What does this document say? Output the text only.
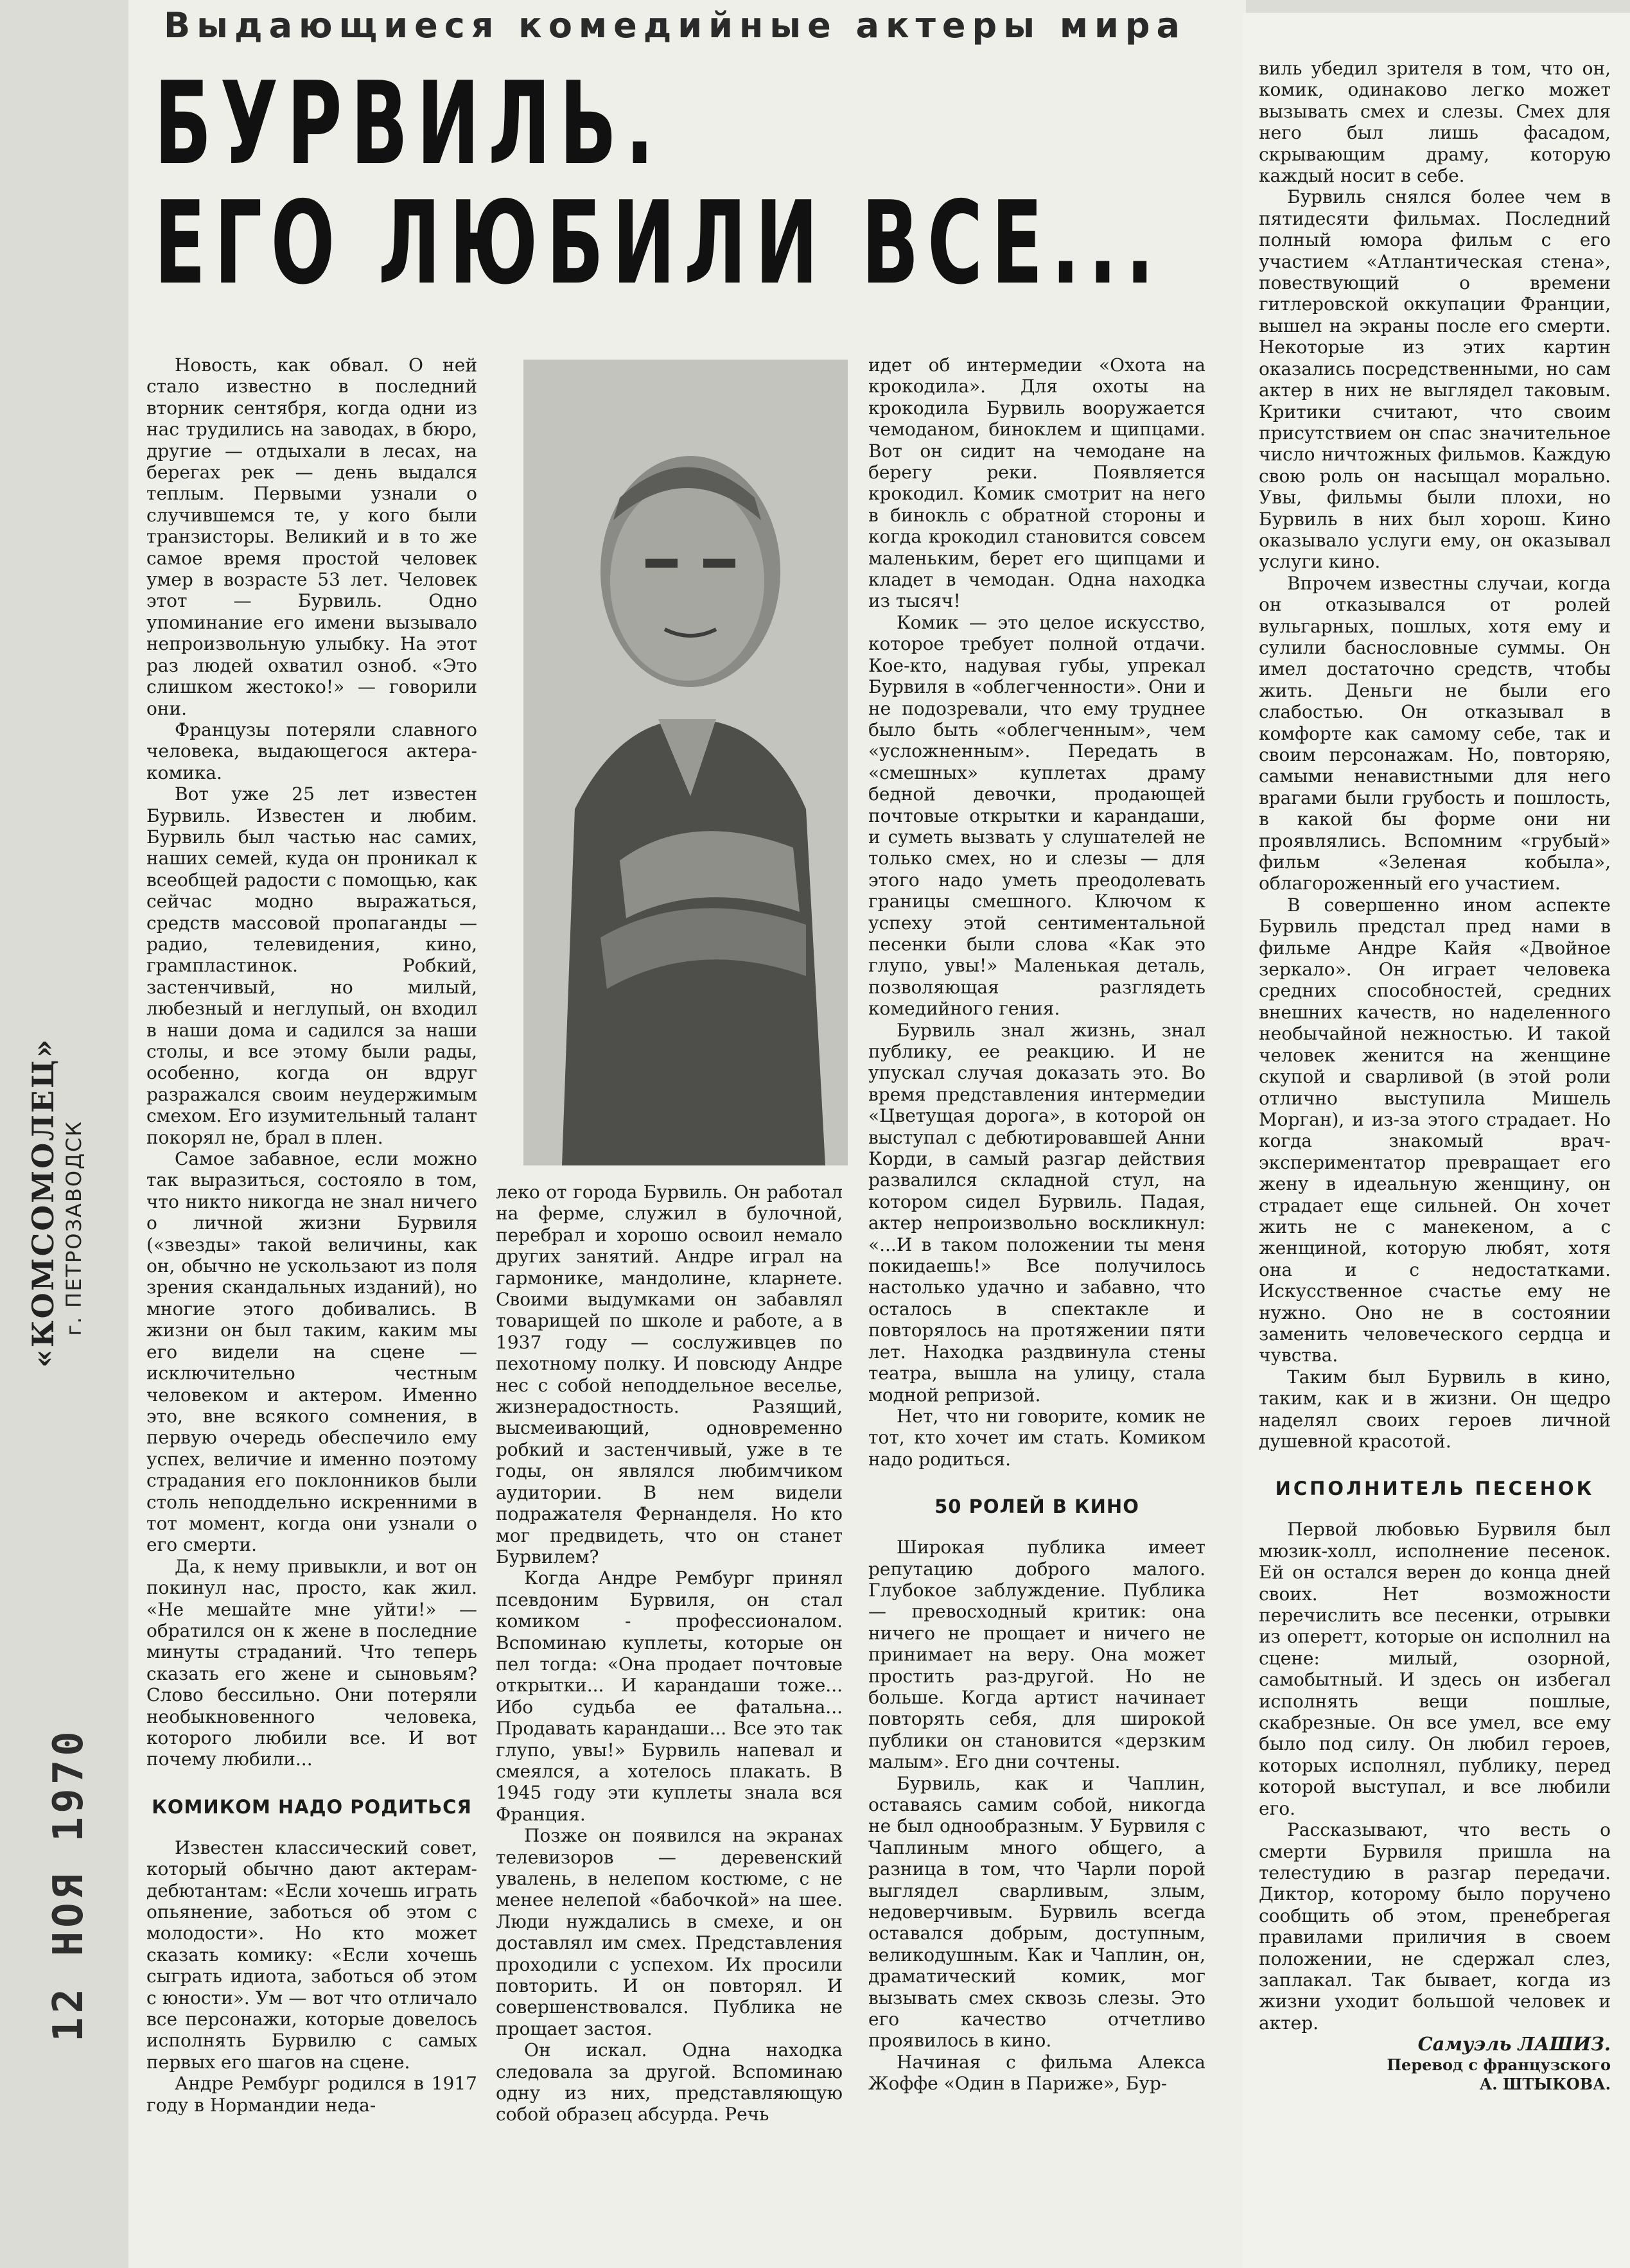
Выдающиеся комедийные актеры мира
БУРВИЛЬ.
ЕГО ЛЮБИЛИ ВСЕ...
«КОМСОМОЛЕЦ» г. ПЕТРОЗАВОДСК
12 НОЯ 1970

Новость, как обвал. О ней стало известно в последний вторник сентября, когда одни из нас трудились на заводах, в бюро, другие — отдыхали в лесах, на берегах рек — день выдался теплым. Первыми узнали о случившемся те, у кого были транзисторы. Великий и в то же самое время простой человек умер в возрасте 53 лет. Человек этот — Бурвиль. Одно упоминание его имени вызывало непроизвольную улыбку. На этот раз людей охватил озноб. «Это слишком жестоко!» — говорили они.

Французы потеряли славного человека, выдающегося актера-комика.

Вот уже 25 лет известен Бурвиль. Известен и любим. Бурвиль был частью нас самих, наших семей, куда он проникал к всеобщей радости с помощью, как сейчас модно выражаться, средств массовой пропаганды — радио, телевидения, кино, грампластинок. Робкий, застенчивый, но милый, любезный и неглупый, он входил в наши дома и садился за наши столы, и все этому были рады, особенно, когда он вдруг разражался своим неудержимым смехом. Его изумительный талант покорял не, брал в плен.

Самое забавное, если можно так выразиться, состояло в том, что никто никогда не знал ничего о личной жизни Бурвиля («звезды» такой величины, как он, обычно не ускользают из поля зрения скандальных изданий), но многие этого добивались. В жизни он был таким, каким мы его видели на сцене — исключительно честным человеком и актером. Именно это, вне всякого сомнения, в первую очередь обеспечило ему успех, величие и именно поэтому страдания его поклонников были столь неподдельно искренними в тот момент, когда они узнали о его смерти.

Да, к нему привыкли, и вот он покинул нас, просто, как жил. «Не мешайте мне уйти!» — обратился он к жене в последние минуты страданий. Что теперь сказать его жене и сыновьям? Слово бессильно. Они потеряли необыкновенного человека, которого любили все. И вот почему любили...

КОМИКОМ НАДО РОДИТЬСЯ

Известен классический совет, который обычно дают актерам-дебютантам: «Если хочешь играть опьянение, заботься об этом с молодости». Но кто может сказать комику: «Если хочешь сыграть идиота, заботься об этом с юности». Ум — вот что отличало все персонажи, которые довелось исполнять Бурвилю с самых первых его шагов на сцене.

Андре Рембург родился в 1917 году в Нормандии неда-

леко от города Бурвиль. Он работал на ферме, служил в булочной, перебрал и хорошо освоил немало других занятий. Андре играл на гармонике, мандолине, кларнете. Своими выдумками он забавлял товарищей по школе и работе, а в 1937 году — сослуживцев по пехотному полку. И повсюду Андре нес с собой неподдельное веселье, жизнерадостность. Разящий, высмеивающий, одновременно робкий и застенчивый, уже в те годы, он являлся любимчиком аудитории. В нем видели подражателя Фернанделя. Но кто мог предвидеть, что он станет Бурвилем?

Когда Андре Рембург принял псевдоним Бурвиля, он стал комиком - профессионалом. Вспоминаю куплеты, которые он пел тогда: «Она продает почтовые открытки... И карандаши тоже... Ибо судьба ее фатальна... Продавать карандаши... Все это так глупо, увы!» Бурвиль напевал и смеялся, а хотелось плакать. В 1945 году эти куплеты знала вся Франция.

Позже он появился на экранах телевизоров — деревенский увалень, в нелепом костюме, с не менее нелепой «бабочкой» на шее. Люди нуждались в смехе, и он доставлял им смех. Представления проходили с успехом. Их просили повторить. И он повторял. И совершенствовался. Публика не прощает застоя.

Он искал. Одна находка следовала за другой. Вспоминаю одну из них, представляющую собой образец абсурда. Речь

идет об интермедии «Охота на крокодила». Для охоты на крокодила Бурвиль вооружается чемоданом, биноклем и щипцами. Вот он сидит на чемодане на берегу реки. Появляется крокодил. Комик смотрит на него в бинокль с обратной стороны и когда крокодил становится совсем маленьким, берет его щипцами и кладет в чемодан. Одна находка из тысяч!

Комик — это целое искусство, которое требует полной отдачи. Кое-кто, надувая губы, упрекал Бурвиля в «облегченности». Они и не подозревали, что ему труднее было быть «облегченным», чем «усложненным». Передать в «смешных» куплетах драму бедной девочки, продающей почтовые открытки и карандаши, и суметь вызвать у слушателей не только смех, но и слезы — для этого надо уметь преодолевать границы смешного. Ключом к успеху этой сентиментальной песенки были слова «Как это глупо, увы!» Маленькая деталь, позволяющая разглядеть комедийного гения.

Бурвиль знал жизнь, знал публику, ее реакцию. И не упускал случая доказать это. Во время представления интермедии «Цветущая дорога», в которой он выступал с дебютировавшей Анни Корди, в самый разгар действия развалился складной стул, на котором сидел Бурвиль. Падая, актер непроизвольно воскликнул: «...И в таком положении ты меня покидаешь!» Все получилось настолько удачно и забавно, что осталось в спектакле и повторялось на протяжении пяти лет. Находка раздвинула стены театра, вышла на улицу, стала модной репризой.

Нет, что ни говорите, комик не тот, кто хочет им стать. Комиком надо родиться.

50 РОЛЕЙ В КИНО

Широкая публика имеет репутацию доброго малого. Глубокое заблуждение. Публика — превосходный критик: она ничего не прощает и ничего не принимает на веру. Она может простить раз-другой. Но не больше. Когда артист начинает повторять себя, для широкой публики он становится «дерзким малым». Его дни сочтены.

Бурвиль, как и Чаплин, оставаясь самим собой, никогда не был однообразным. У Бурвиля с Чаплиным много общего, а разница в том, что Чарли порой выглядел сварливым, злым, недоверчивым. Бурвиль всегда оставался добрым, доступным, великодушным. Как и Чаплин, он, драматический комик, мог вызывать смех сквозь слезы. Это его качество отчетливо проявилось в кино.

Начиная с фильма Алекса Жоффе «Один в Париже», Бур-

виль убедил зрителя в том, что он, комик, одинаково легко может вызывать смех и слезы. Смех для него был лишь фасадом, скрывающим драму, которую каждый носит в себе.

Бурвиль снялся более чем в пятидесяти фильмах. Последний полный юмора фильм с его участием «Атлантическая стена», повествующий о времени гитлеровской оккупации Франции, вышел на экраны после его смерти. Некоторые из этих картин оказались посредственными, но сам актер в них не выглядел таковым. Критики считают, что своим присутствием он спас значительное число ничтожных фильмов. Каждую свою роль он насыщал морально. Увы, фильмы были плохи, но Бурвиль в них был хорош. Кино оказывало услуги ему, он оказывал услуги кино.

Впрочем известны случаи, когда он отказывался от ролей вульгарных, пошлых, хотя ему и сулили баснословные суммы. Он имел достаточно средств, чтобы жить. Деньги не были его слабостью. Он отказывал в комфорте как самому себе, так и своим персонажам. Но, повторяю, самыми ненавистными для него врагами были грубость и пошлость, в какой бы форме они ни проявлялись. Вспомним «грубый» фильм «Зеленая кобыла», облагороженный его участием.

В совершенно ином аспекте Бурвиль предстал пред нами в фильме Андре Кайя «Двойное зеркало». Он играет человека средних способностей, средних внешних качеств, но наделенного необычайной нежностью. И такой человек женится на женщине скупой и сварливой (в этой роли отлично выступила Мишель Морган), и из-за этого страдает. Но когда знакомый врач-экспериментатор превращает его жену в идеальную женщину, он страдает еще сильней. Он хочет жить не с манекеном, а с женщиной, которую любят, хотя она и с недостатками. Искусственное счастье ему не нужно. Оно не в состоянии заменить человеческого сердца и чувства.

Таким был Бурвиль в кино, таким, как и в жизни. Он щедро наделял своих героев личной душевной красотой.

ИСПОЛНИТЕЛЬ ПЕСЕНОК

Первой любовью Бурвиля был мюзик-холл, исполнение песенок. Ей он остался верен до конца дней своих. Нет возможности перечислить все песенки, отрывки из оперетт, которые он исполнил на сцене: милый, озорной, самобытный. И здесь он избегал исполнять вещи пошлые, скабрезные. Он все умел, все ему было под силу. Он любил героев, которых исполнял, публику, перед которой выступал, и все любили его.

Рассказывают, что весть о смерти Бурвиля пришла на телестудию в разгар передачи. Диктор, которому было поручено сообщить об этом, пренебрегая правилами приличия в своем положении, не сдержал слез, заплакал. Так бывает, когда из жизни уходит большой человек и актер.

Самуэль ЛАШИЗ.

Перевод с французского

А. ШТЫКОВА.
